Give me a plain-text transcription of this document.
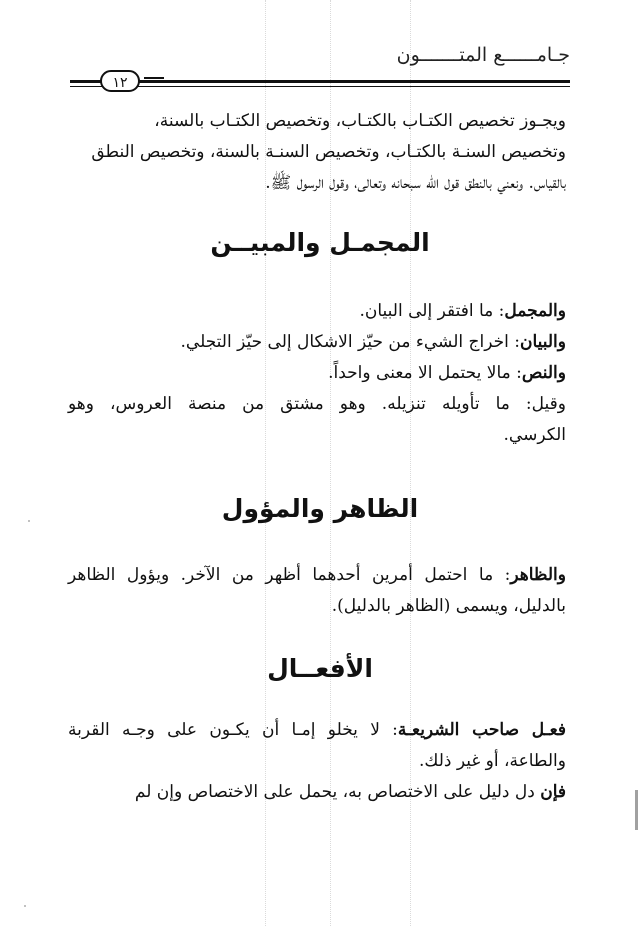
جـامــــــع المتـــــــون
١٢

ويجـوز تخصيص الكتـاب بالكتـاب، وتخصيص الكتـاب بالسنة،

وتخصيص السنـة بالكتـاب، وتخصيص السنـة بالسنة، وتخصيص النطق

بالقياس. ونعني بالنطق قول الله سبحانه وتعالى، وقول الرسول ﷺ.

المجمـل والمبيــن
والمجمل: ما افتقر إلى البيان.
والبيان: اخراج الشيء من حيّز الاشكال إلى حيّز التجلي.
والنص: مالا يحتمل الا معنى واحداً.
وقيل: ما تأويله تنزيله. وهو مشتق من منصة العروس، وهو
الكرسي.
الظاهر والمؤول
والظاهر: ما احتمل أمرين أحدهما أظهر من الآخر. ويؤول الظاهر
بالدليل، ويسمى (الظاهر بالدليل).
الأفعــال
فعـل صاحب الشريعـة: لا يخلو إمـا أن يكـون على وجـه القربة
والطاعة، أو غير ذلك.
فإن دل دليل على الاختصاص به، يحمل على الاختصاص وإن لم
